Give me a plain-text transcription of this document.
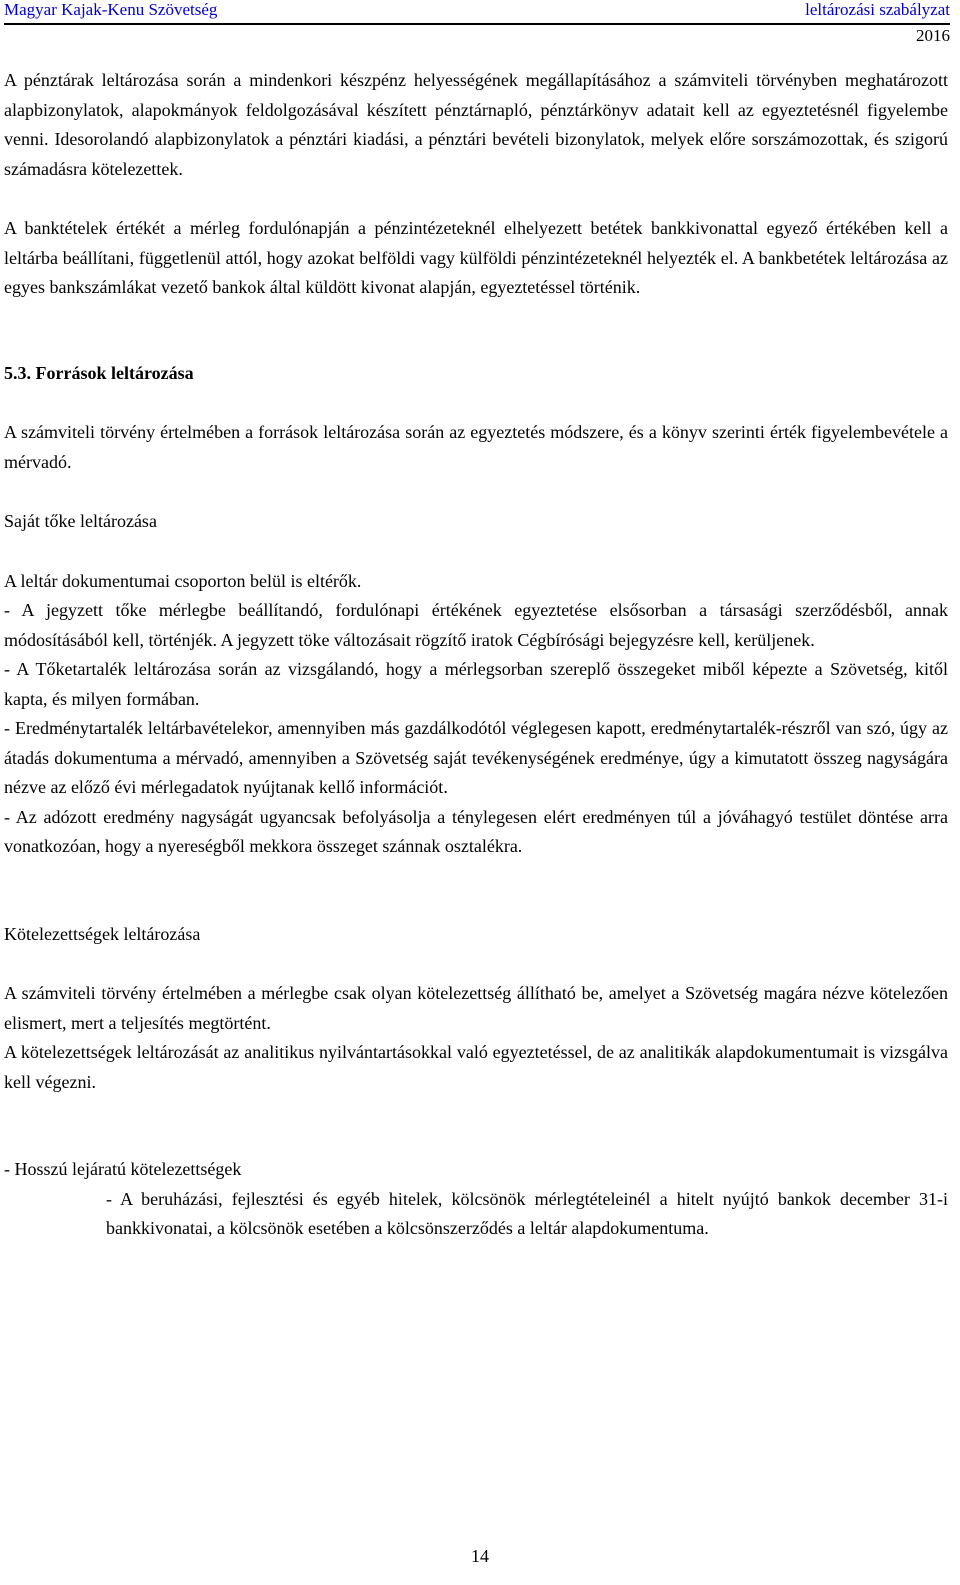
Magyar Kajak-Kenu Szövetség	leltározási szabályzat
2016

A pénztárak leltározása során a mindenkori készpénz helyességének megállapításához a számviteli törvényben meghatározott alapbizonylatok, alapokmányok feldolgozásával készített pénztárnapló, pénztárkönyv adatait kell az egyeztetésnél figyelembe venni. Idesorolandó alapbizonylatok a pénztári kiadási, a pénztári bevételi bizonylatok, melyek előre sorszámozottak, és szigorú számadásra kötelezettek.

A banktételek értékét a mérleg fordulónapján a pénzintézeteknél elhelyezett betétek bankkivonattal egyező értékében kell a leltárba beállítani, függetlenül attól, hogy azokat belföldi vagy külföldi pénzintézeteknél helyezték el. A bankbetétek leltározása az egyes bankszámlákat vezető bankok által küldött kivonat alapján, egyeztetéssel történik.

5.3. Források leltározása

A számviteli törvény értelmében a források leltározása során az egyeztetés módszere, és a könyv szerinti érték figyelembevétele a mérvadó.

Saját tőke leltározása

A leltár dokumentumai csoporton belül is eltérők.

- A jegyzett tőke mérlegbe beállítandó, fordulónapi értékének egyeztetése elsősorban a társasági szerződésből, annak módosításából kell, történjék. A jegyzett töke változásait rögzítő iratok Cégbírósági bejegyzésre kell, kerüljenek.

- A Tőketartalék leltározása során az vizsgálandó, hogy a mérlegsorban szereplő összegeket miből képezte a Szövetség, kitől kapta, és milyen formában.

- Eredménytartalék leltárbavételekor, amennyiben más gazdálkodótól véglegesen kapott, eredménytartalék-részről van szó, úgy az átadás dokumentuma a mérvadó, amennyiben a Szövetség saját tevékenységének eredménye, úgy a kimutatott összeg nagyságára nézve az előző évi mérlegadatok nyújtanak kellő információt.

- Az adózott eredmény nagyságát ugyancsak befolyásolja a ténylegesen elért eredményen túl a jóváhagyó testület döntése arra vonatkozóan, hogy a nyereségből mekkora összeget szánnak osztalékra.

Kötelezettségek leltározása

A számviteli törvény értelmében a mérlegbe csak olyan kötelezettség állítható be, amelyet a Szövetség magára nézve kötelezően elismert, mert a teljesítés megtörtént.

A kötelezettségek leltározását az analitikus nyilvántartásokkal való egyeztetéssel, de az analitikák alapdokumentumait is vizsgálva kell végezni.

- Hosszú lejáratú kötelezettségek

- A beruházási, fejlesztési és egyéb hitelek, kölcsönök mérlegtételeinél a hitelt nyújtó bankok december 31-i bankkivonatai, a kölcsönök esetében a kölcsönszerződés a leltár alapdokumentuma.

14
